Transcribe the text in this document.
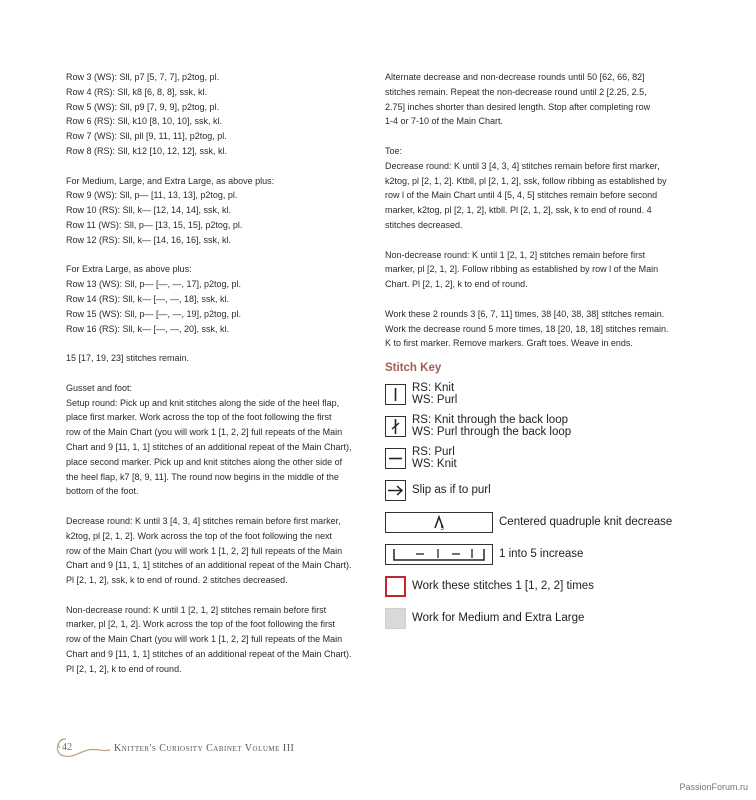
Row 3 (WS): Sll, p7 [5, 7, 7], p2tog, pl.
Row 4 (RS): Sll, k8 [6, 8, 8], ssk, kl.
Row 5 (WS): Sll, p9 [7, 9, 9], p2tog, pl.
Row 6 (RS): Sll, k10 [8, 10, 10], ssk, kl.
Row 7 (WS): Sll, pll [9, 11, 11], p2tog, pl.
Row 8 (RS): Sll, k12 [10, 12, 12], ssk, kl.
For Medium, Large, and Extra Large, as above plus:
Row 9 (WS): Sll, p— [11, 13, 13], p2tog, pl.
Row 10 (RS): Sll, k— [12, 14, 14], ssk, kl.
Row 11 (WS): Sll, p— [13, 15, 15], p2tog, pl.
Row 12 (RS): Sll, k— [14, 16, 16], ssk, kl.
For Extra Large, as above plus:
Row 13 (WS): Sll, p— [—, —, 17], p2tog, pl.
Row 14 (RS): Sll, k— [—, —, 18], ssk, kl.
Row 15 (WS): Sll, p— [—, —, 19], p2tog, pl.
Row 16 (RS): Sll, k— [—, —, 20], ssk, kl.
15 [17, 19, 23] stitches remain.
Gusset and foot:
Setup round: Pick up and knit stitches along the side of the heel flap,
place first marker. Work across the top of the foot following the first
row of the Main Chart (you will work 1 [1, 2, 2] full repeats of the Main
Chart and 9 [11, 1, 1] stitches of an additional repeat of the Main Chart),
place second marker. Pick up and knit stitches along the other side of
the heel flap, k7 [8, 9, 11]. The round now begins in the middle of the
bottom of the foot.
Decrease round: K until 3 [4, 3, 4] stitches remain before first marker,
k2tog, pl [2, 1, 2]. Work across the top of the foot following the next
row of the Main Chart (you will work 1 [1, 2, 2] full repeats of the Main
Chart and 9 [11, 1, 1] stitches of an additional repeat of the Main Chart).
Pl [2, 1, 2], ssk, k to end of round. 2 stitches decreased.
Non-decrease round: K until 1 [2, 1, 2] stitches remain before first
marker, pl [2, 1, 2]. Work across the top of the foot following the first
row of the Main Chart (you will work 1 [1, 2, 2] full repeats of the Main
Chart and 9 [11, 1, 1] stitches of an additional repeat of the Main Chart).
Pl [2, 1, 2], k to end of round.
Alternate decrease and non-decrease rounds until 50 [62, 66, 82]
stitches remain. Repeat the non-decrease round until 2 [2.25, 2.5,
2.75] inches shorter than desired length. Stop after completing row
1-4 or 7-10 of the Main Chart.
Toe:
Decrease round: K until 3 [4, 3, 4] stitches remain before first marker,
k2tog, pl [2, 1, 2]. Ktbll, pl [2, 1, 2], ssk, follow ribbing as established by
row l of the Main Chart until 4 [5, 4, 5] stitches remain before second
marker, k2tog, pl [2, 1, 2], ktbll. Pl [2, 1, 2], ssk, k to end of round. 4
stitches decreased.
Non-decrease round: K until 1 [2, 1, 2] stitches remain before first
marker, pl [2, 1, 2]. Follow ribbing as established by row l of the Main
Chart. Pl [2, 1, 2], k to end of round.
Work these 2 rounds 3 [6, 7, 11] times, 38 [40, 38, 38] stitches remain.
Work the decrease round 5 more times, 18 [20, 18, 18] stitches remain.
K to first marker. Remove markers. Graft toes. Weave in ends.
Stitch Key
RS: Knit
WS: Purl
RS: Knit through the back loop
WS: Purl through the back loop
RS: Purl
WS: Knit
Slip as if to purl
5
Centered quadruple knit decrease
1 into 5 increase
Work these stitches 1 [1, 2, 2] times
Work for Medium and Extra Large
42	Knitter's Curiosity Cabinet Volume III
PassionForum.ru
